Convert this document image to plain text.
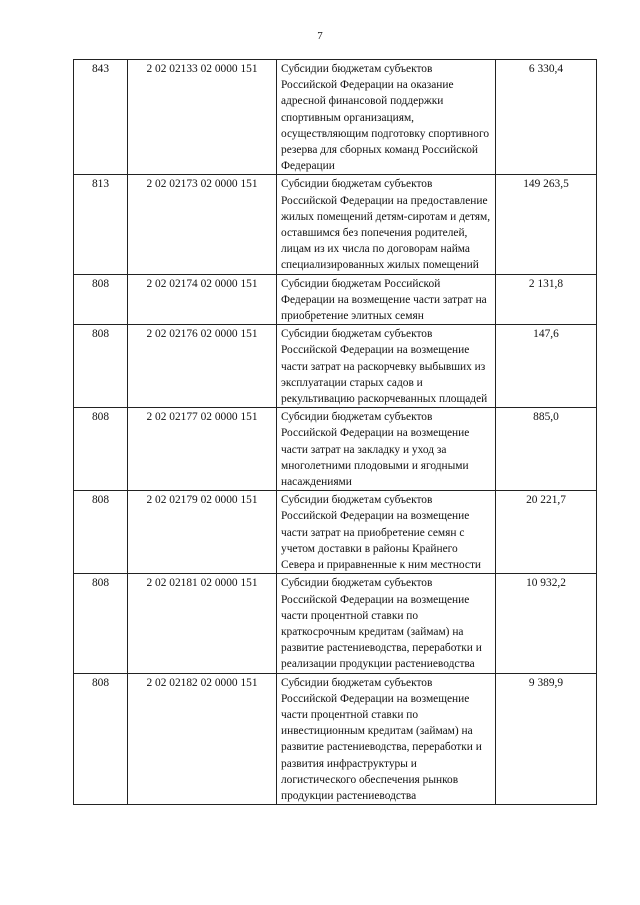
7
843	2 02 02133 02 0000 151	Субсидии бюджетам субъектов Российской Федерации на оказание адресной финансовой поддержки спортивным организациям, осуществляющим подготовку спортивного резерва для сборных команд Российской Федерации	6 330,4
813	2 02 02173 02 0000 151	Субсидии бюджетам субъектов Российской Федерации на предоставление жилых помещений детям-сиротам и детям, оставшимся без попечения родителей, лицам из их числа по договорам найма специализированных жилых помещений	149 263,5
808	2 02 02174 02 0000 151	Субсидии бюджетам Российской Федерации на возмещение части затрат на приобретение элитных семян	2 131,8
808	2 02 02176 02 0000 151	Субсидии бюджетам субъектов Российской Федерации на возмещение части затрат на раскорчевку выбывших из эксплуатации старых садов и рекультивацию раскорчеванных площадей	147,6
808	2 02 02177 02 0000 151	Субсидии бюджетам субъектов Российской Федерации на возмещение части затрат на закладку и уход за многолетними плодовыми и ягодными насаждениями	885,0
808	2 02 02179 02 0000 151	Субсидии бюджетам субъектов Российской Федерации на возмещение части затрат на приобретение семян с учетом доставки в районы Крайнего Севера и приравненные к ним местности	20 221,7
808	2 02 02181 02 0000 151	Субсидии бюджетам субъектов Российской Федерации на возмещение части процентной ставки по краткосрочным кредитам (займам) на развитие растениеводства, переработки и реализации продукции растениеводства	10 932,2
808	2 02 02182 02 0000 151	Субсидии бюджетам субъектов Российской Федерации на возмещение части процентной ставки по инвестиционным кредитам (займам) на развитие растениеводства, переработки и развития инфраструктуры и логистического обеспечения рынков продукции растениеводства	9 389,9
